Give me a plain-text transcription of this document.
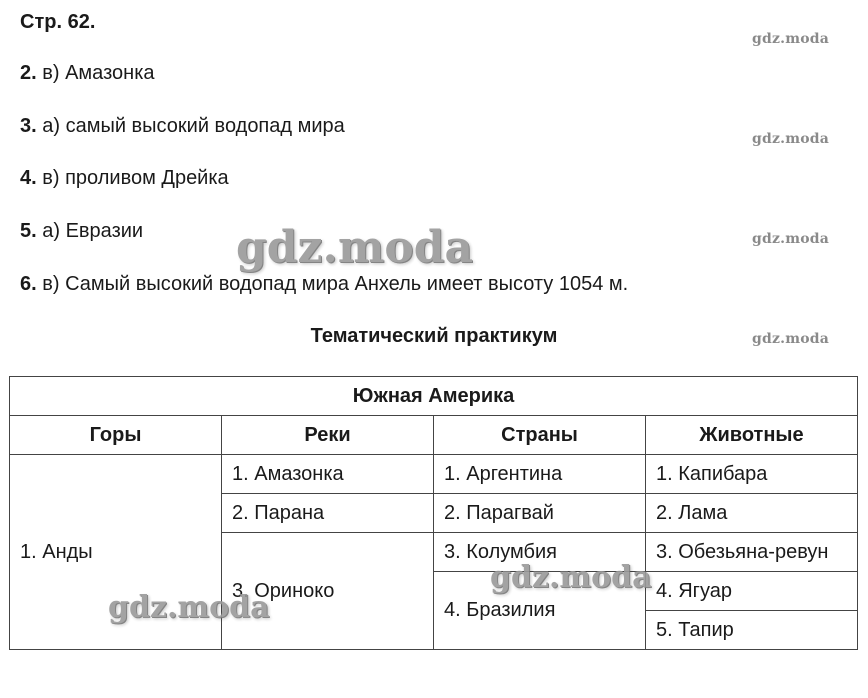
Стр. 62.
2. в) Амазонка
3. а) самый высокий водопад мира
4. в) проливом Дрейка
5. а) Евразии
6. в) Самый высокий водопад мира Анхель имеет высоту 1054 м.
Тематический практикум
gdz.moda
gdz.moda
gdz.moda
gdz.moda
Южная Америка			
Горы	Реки	Страны	Животные
1. Анды	1. Амазонка	1. Аргентина	1. Капибара
	2. Парана	2. Парагвай	2. Лама
	3. Ориноко	3. Колумбия	3. Обезьяна-ревун
		4. Бразилия	4. Ягуар
			5. Тапир
gdz.moda
gdz.moda
gdz.moda
